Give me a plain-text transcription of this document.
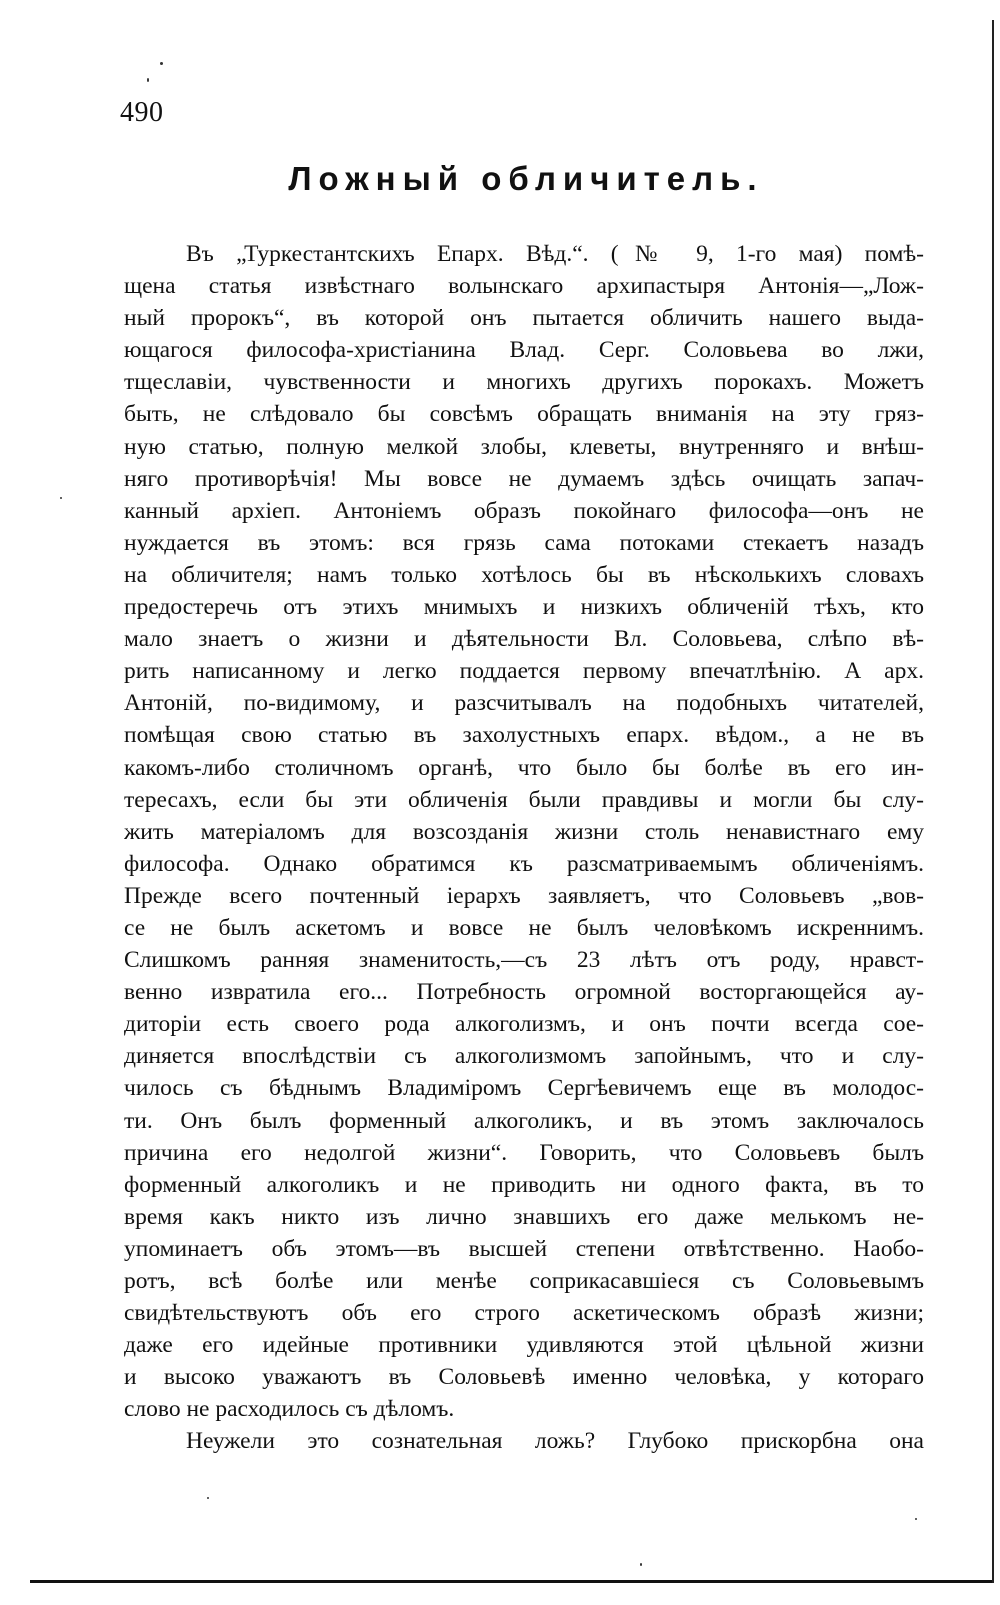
490
Ложный обличитель.
Въ „Туркестантскихъ Епарх. Вѣд.“. (№ 9, 1-го мая) помѣ-
щена статья извѣстнаго волынскаго архипастыря Антонія—„Лож-
ный пророкъ“, въ которой онъ пытается обличить нашего выда-
ющагося философа-христіанина Влад. Серг. Соловьева во лжи,
тщеславіи, чувственности и многихъ другихъ порокахъ. Можетъ
быть, не слѣдовало бы совсѣмъ обращать вниманія на эту гряз-
ную статью, полную мелкой злобы, клеветы, внутренняго и внѣш-
няго противорѣчія! Мы вовсе не думаемъ здѣсь очищать запач-
канный архіеп. Антоніемъ образъ покойнаго философа—онъ не
нуждается въ этомъ: вся грязь сама потоками стекаетъ назадъ
на обличителя; намъ только хотѣлось бы въ нѣсколькихъ словахъ
предостеречь отъ этихъ мнимыхъ и низкихъ обличеній тѣхъ, кто
мало знаетъ о жизни и дѣятельности Вл. Соловьева, слѣпо вѣ-
рить написанному и легко поддается первому впечатлѣнію. А арх.
Антоній, по-видимому, и разсчитывалъ на подобныхъ читателей,
помѣщая свою статью въ захолустныхъ епарх. вѣдом., а не въ
какомъ-либо столичномъ органѣ, что было бы болѣе въ его ин-
тересахъ, если бы эти обличенія были правдивы и могли бы слу-
жить матеріаломъ для возсозданія жизни столь ненавистнаго ему
философа. Однако обратимся къ разсматриваемымъ обличеніямъ.
Прежде всего почтенный іерархъ заявляетъ, что Соловьевъ „вов-
се не былъ аскетомъ и вовсе не былъ человѣкомъ искреннимъ.
Слишкомъ ранняя знаменитость,—съ 23 лѣтъ отъ роду, нравст-
венно извратила его... Потребность огромной восторгающейся ау-
диторіи есть своего рода алкоголизмъ, и онъ почти всегда сое-
диняется впослѣдствіи съ алкоголизмомъ запойнымъ, что и слу-
чилось съ бѣднымъ Владиміромъ Сергѣевичемъ еще въ молодос-
ти. Онъ былъ форменный алкоголикъ, и въ этомъ заключалось
причина его недолгой жизни“. Говорить, что Соловьевъ былъ
форменный алкоголикъ и не приводить ни одного факта, въ то
время какъ никто изъ лично знавшихъ его даже мелькомъ не-
упоминаетъ объ этомъ—въ высшей степени отвѣтственно. Наобо-
ротъ, всѣ болѣе или менѣе соприкасавшіеся съ Соловьевымъ
свидѣтельствуютъ объ его строго аскетическомъ образѣ жизни;
даже его идейные противники удивляются этой цѣльной жизни
и высоко уважаютъ въ Соловьевѣ именно человѣка, у котораго
слово не расходилось съ дѣломъ.
Неужели это сознательная ложь? Глубоко прискорбна она
